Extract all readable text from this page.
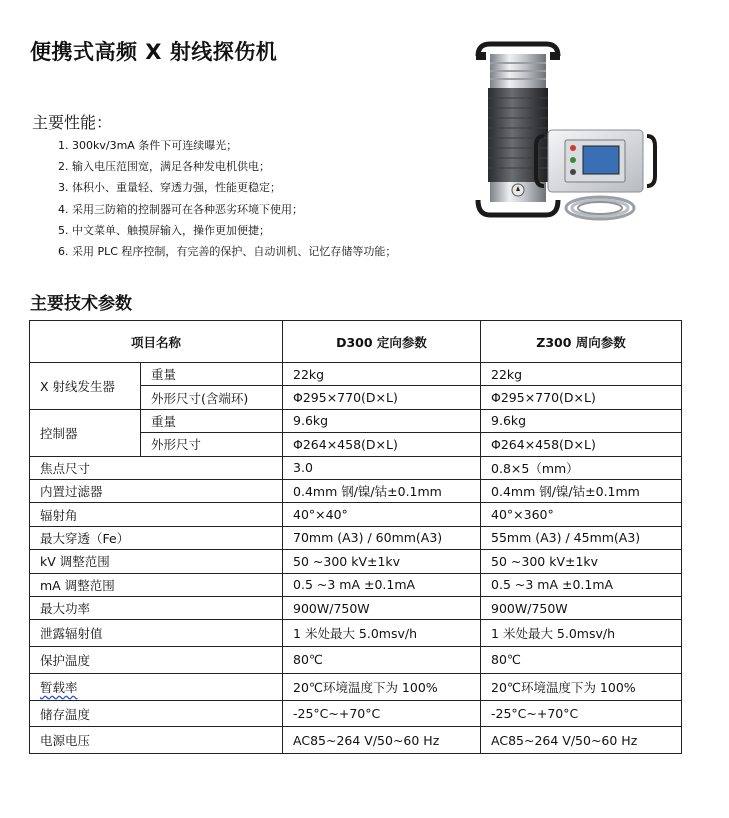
便携式高频 X 射线探伤机
主要性能：
1. 300kv/3mA 条件下可连续曝光；
2. 输入电压范围宽，满足各种发电机供电；
3. 体积小、重量轻、穿透力强，性能更稳定；
4. 采用三防箱的控制器可在各种恶劣环境下使用；
5. 中文菜单、触摸屏输入，操作更加便捷；
6. 采用 PLC 程序控制，有完善的保护、自动训机、记忆存储等功能；
主要技术参数
项目名称		D300 定向参数	Z300 周向参数
X 射线发生器	重量	22kg	22kg
	外形尺寸(含端环)	Φ295×770(D×L)	Φ295×770(D×L)
控制器	重量	9.6kg	9.6kg
	外形尺寸	Φ264×458(D×L)	Φ264×458(D×L)
焦点尺寸		3.0	0.8×5（mm）
内置过滤器		0.4mm 钢/镍/钴±0.1mm	0.4mm 钢/镍/钴±0.1mm
辐射角		40°×40°	40°×360°
最大穿透（Fe）		70mm (A3) / 60mm(A3)	55mm (A3) / 45mm(A3)
kV 调整范围		50 ~300 kV±1kv	50 ~300 kV±1kv
mA 调整范围		0.5 ~3 mA ±0.1mA	0.5 ~3 mA ±0.1mA
最大功率		900W/750W	900W/750W
泄露辐射值		1 米处最大 5.0msv/h	1 米处最大 5.0msv/h
保护温度		80℃	80℃
暂载率		20℃环境温度下为 100%	20℃环境温度下为 100%
储存温度		-25°C~+70°C	-25°C~+70°C
电源电压		AC85~264 V/50~60 Hz	AC85~264 V/50~60 Hz
